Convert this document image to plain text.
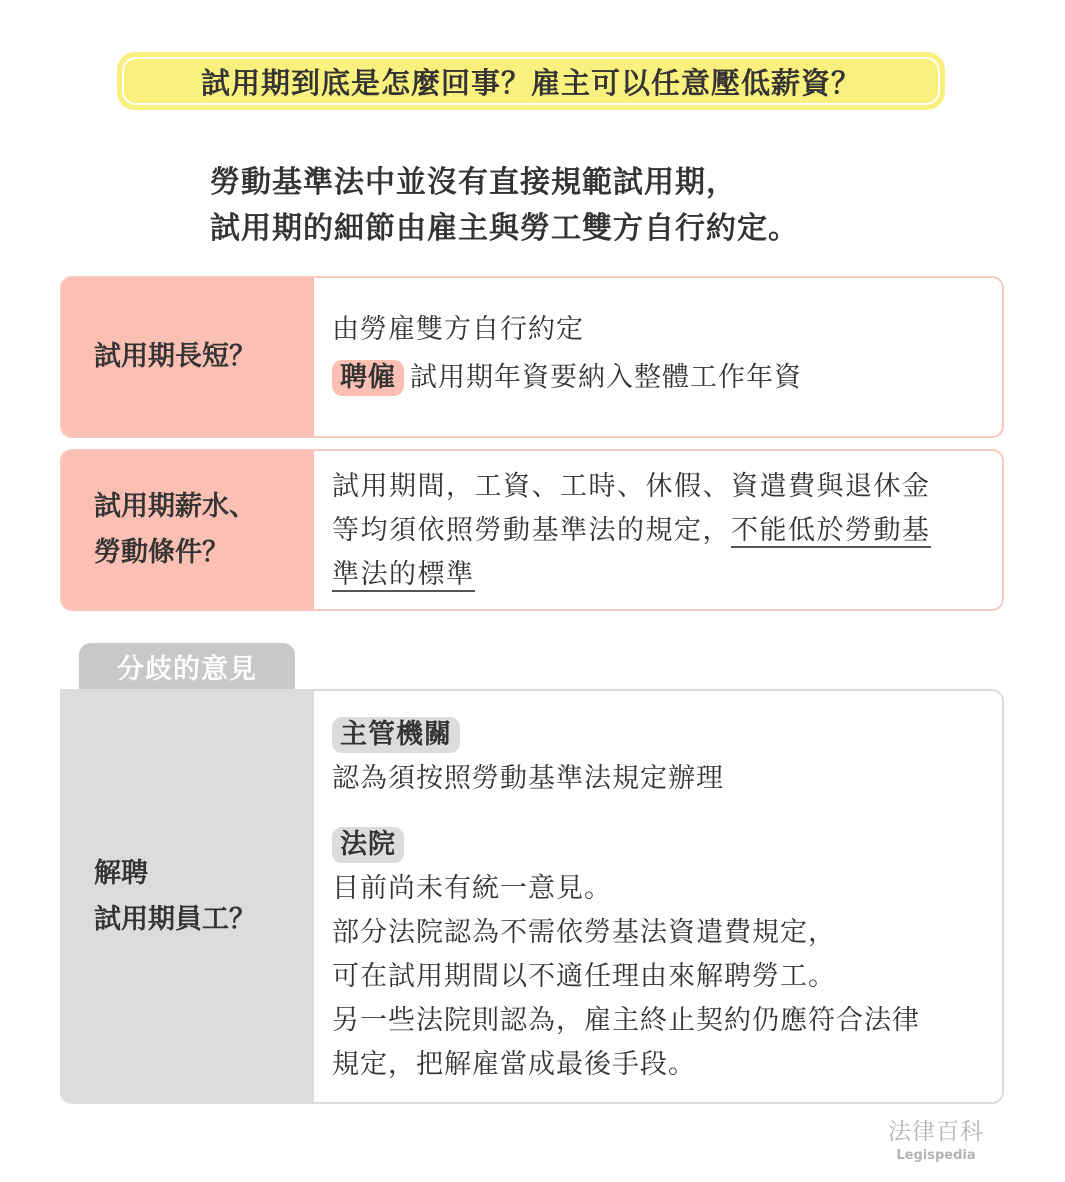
試用期到底是怎麼回事？雇主可以任意壓低薪資？
勞動基準法中並沒有直接規範試用期，
試用期的細節由雇主與勞工雙方自行約定。
試用期長短？
由勞雇雙方自行約定
聘僱 試用期年資要納入整體工作年資
試用期薪水、
勞動條件？
試用期間，工資、工時、休假、資遣費與退休金
等均須依照勞動基準法的規定，不能低於勞動基
準法的標準
分歧的意見
解聘
試用期員工？
主管機關
認為須按照勞動基準法規定辦理
法院
目前尚未有統一意見。
部分法院認為不需依勞基法資遣費規定，
可在試用期間以不適任理由來解聘勞工。
另一些法院則認為，雇主終止契約仍應符合法律
規定，把解雇當成最後手段。
法律百科
Legispedia
